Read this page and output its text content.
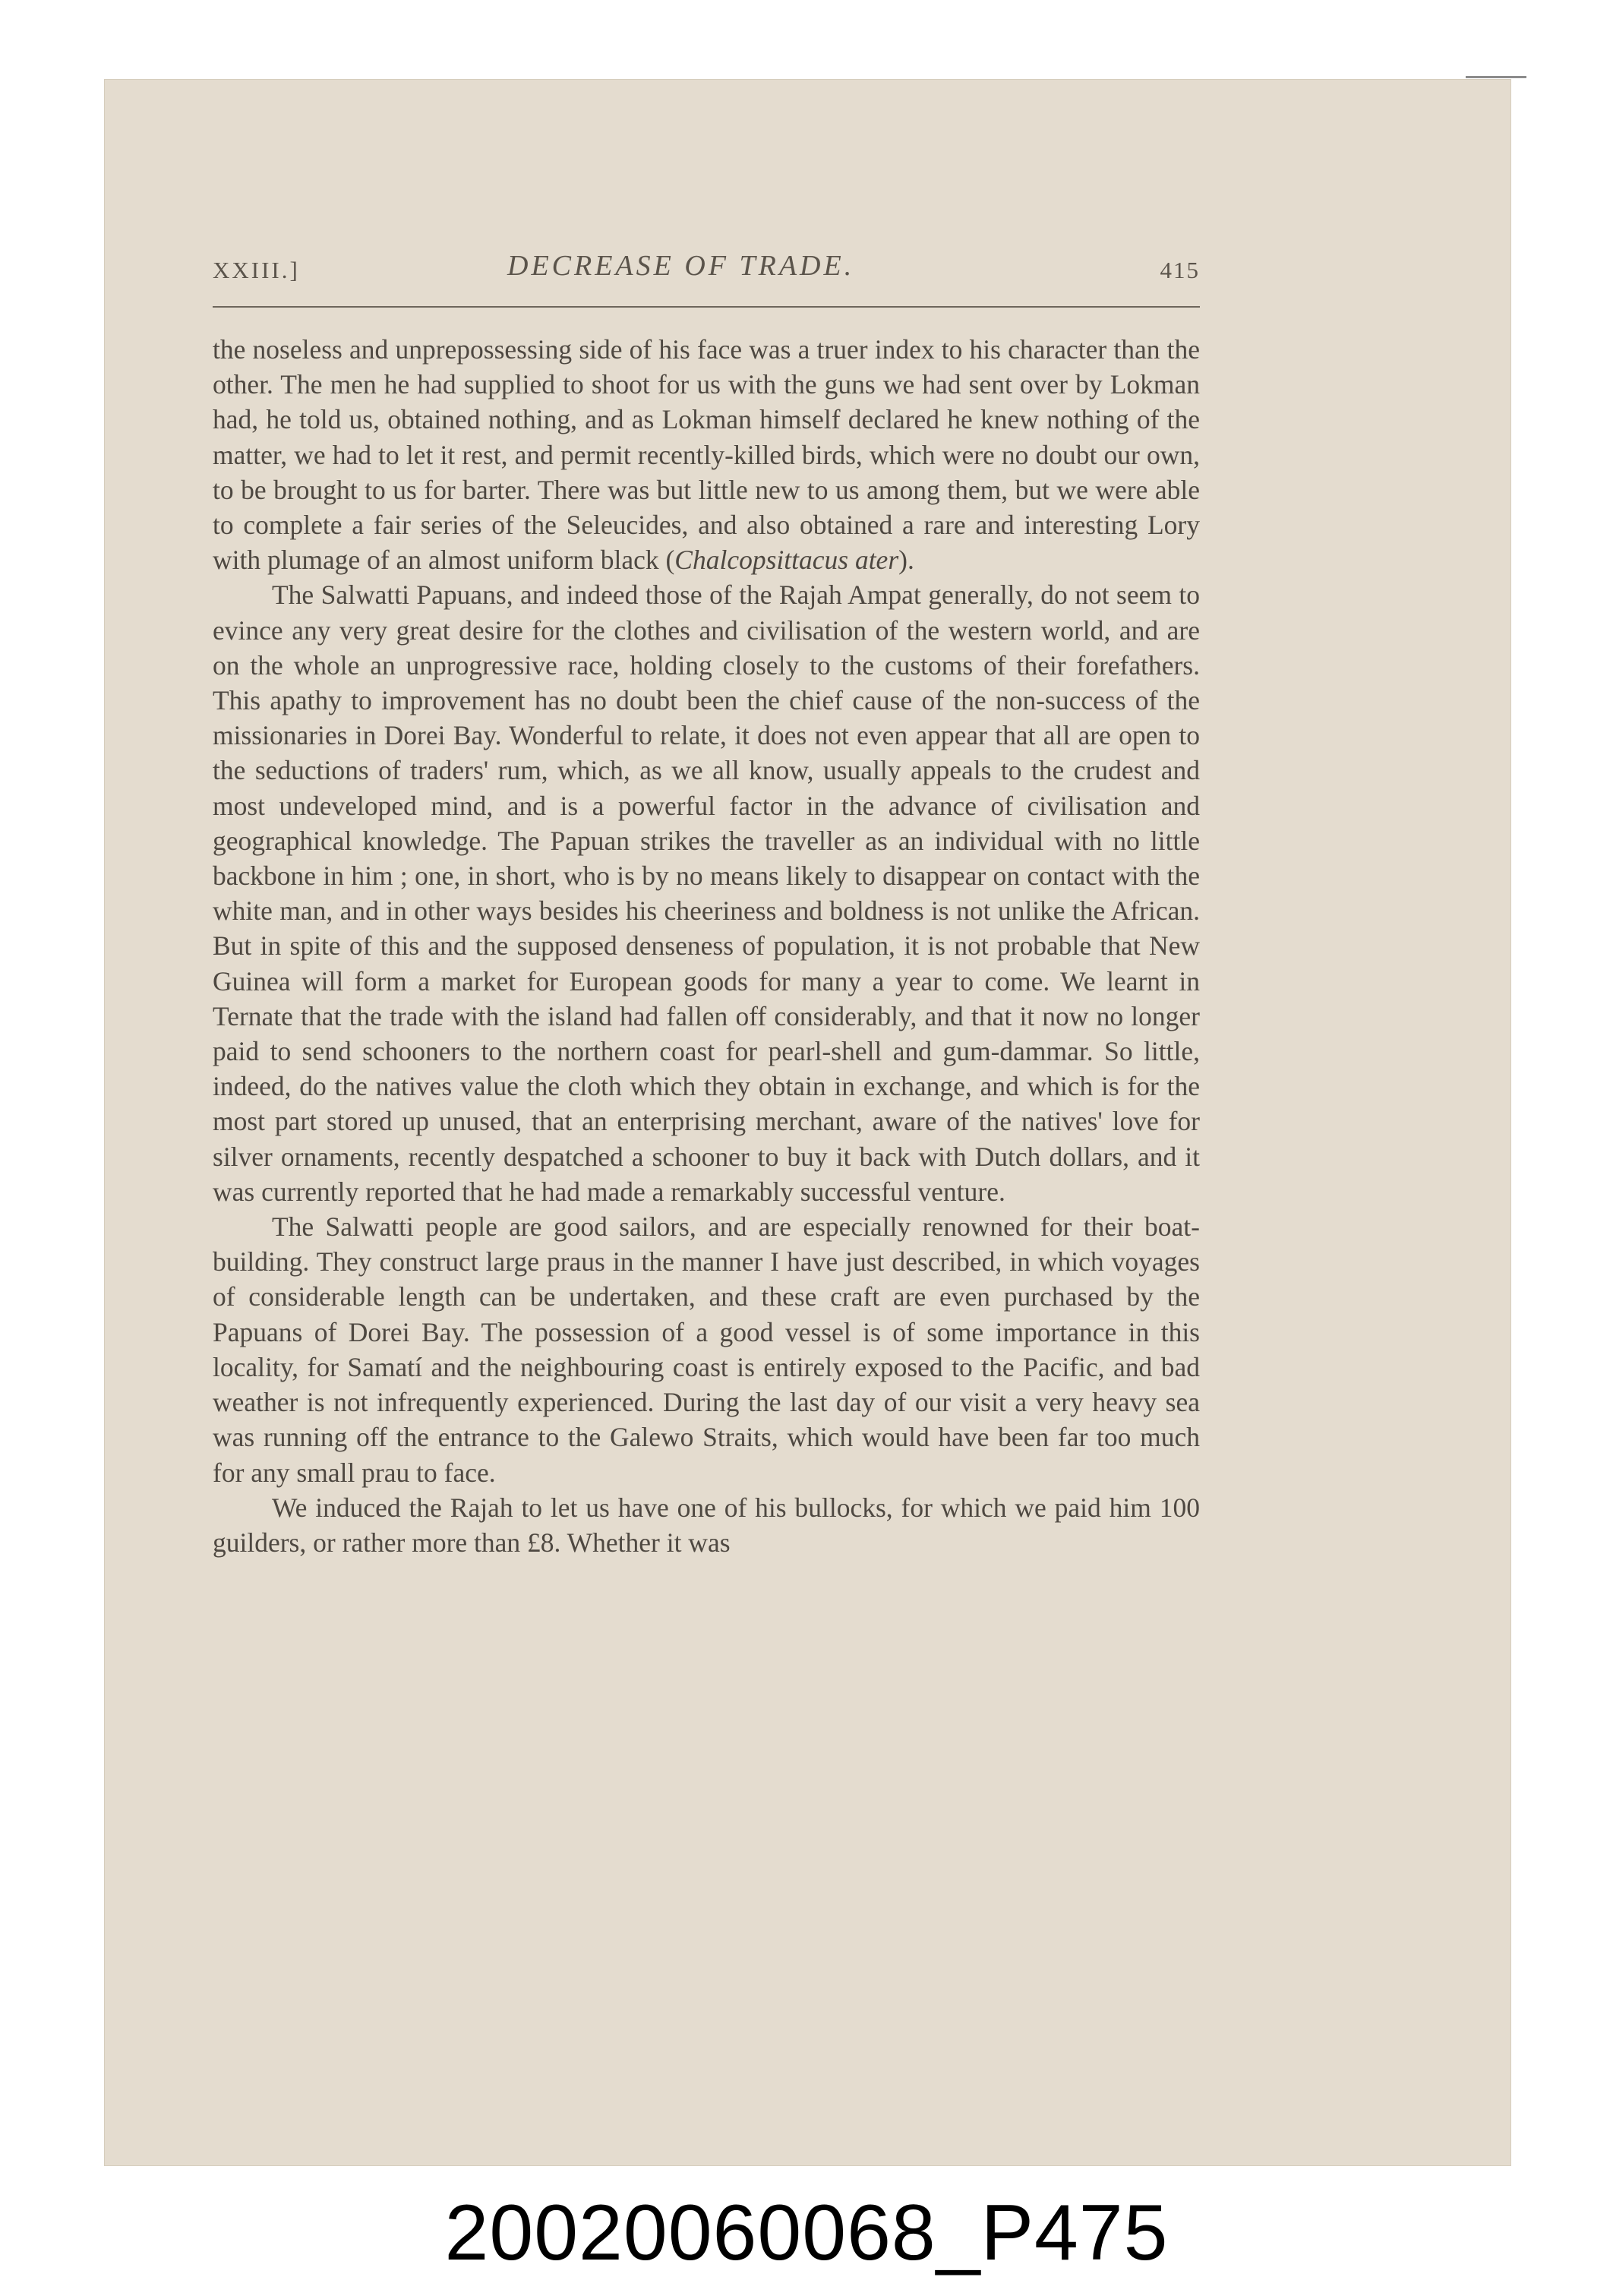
XXIII.]	DECREASE OF TRADE.	415

the noseless and unprepossessing side of his face was a truer index to his character than the other. The men he had supplied to shoot for us with the guns we had sent over by Lokman had, he told us, obtained nothing, and as Lokman himself declared he knew nothing of the matter, we had to let it rest, and permit recently-killed birds, which were no doubt our own, to be brought to us for barter. There was but little new to us among them, but we were able to complete a fair series of the Seleucides, and also obtained a rare and interesting Lory with plumage of an almost uniform black (Chalcopsittacus ater).

The Salwatti Papuans, and indeed those of the Rajah Ampat generally, do not seem to evince any very great desire for the clothes and civilisation of the western world, and are on the whole an unprogressive race, holding closely to the customs of their forefathers. This apathy to improvement has no doubt been the chief cause of the non-success of the missionaries in Dorei Bay. Wonderful to relate, it does not even appear that all are open to the seductions of traders' rum, which, as we all know, usually appeals to the crudest and most undeveloped mind, and is a powerful factor in the advance of civilisation and geographical knowledge. The Papuan strikes the traveller as an individual with no little backbone in him ; one, in short, who is by no means likely to disappear on contact with the white man, and in other ways besides his cheeriness and boldness is not unlike the African. But in spite of this and the supposed denseness of population, it is not probable that New Guinea will form a market for European goods for many a year to come. We learnt in Ternate that the trade with the island had fallen off considerably, and that it now no longer paid to send schooners to the northern coast for pearl-shell and gum-dammar. So little, indeed, do the natives value the cloth which they obtain in exchange, and which is for the most part stored up unused, that an enterprising merchant, aware of the natives' love for silver ornaments, recently despatched a schooner to buy it back with Dutch dollars, and it was currently reported that he had made a remarkably successful venture.

The Salwatti people are good sailors, and are especially renowned for their boat-building. They construct large praus in the manner I have just described, in which voyages of considerable length can be undertaken, and these craft are even purchased by the Papuans of Dorei Bay. The possession of a good vessel is of some importance in this locality, for Samatí and the neighbouring coast is entirely exposed to the Pacific, and bad weather is not infrequently experienced. During the last day of our visit a very heavy sea was running off the entrance to the Galewo Straits, which would have been far too much for any small prau to face.

We induced the Rajah to let us have one of his bullocks, for which we paid him 100 guilders, or rather more than £8. Whether it was

20020060068_P475
